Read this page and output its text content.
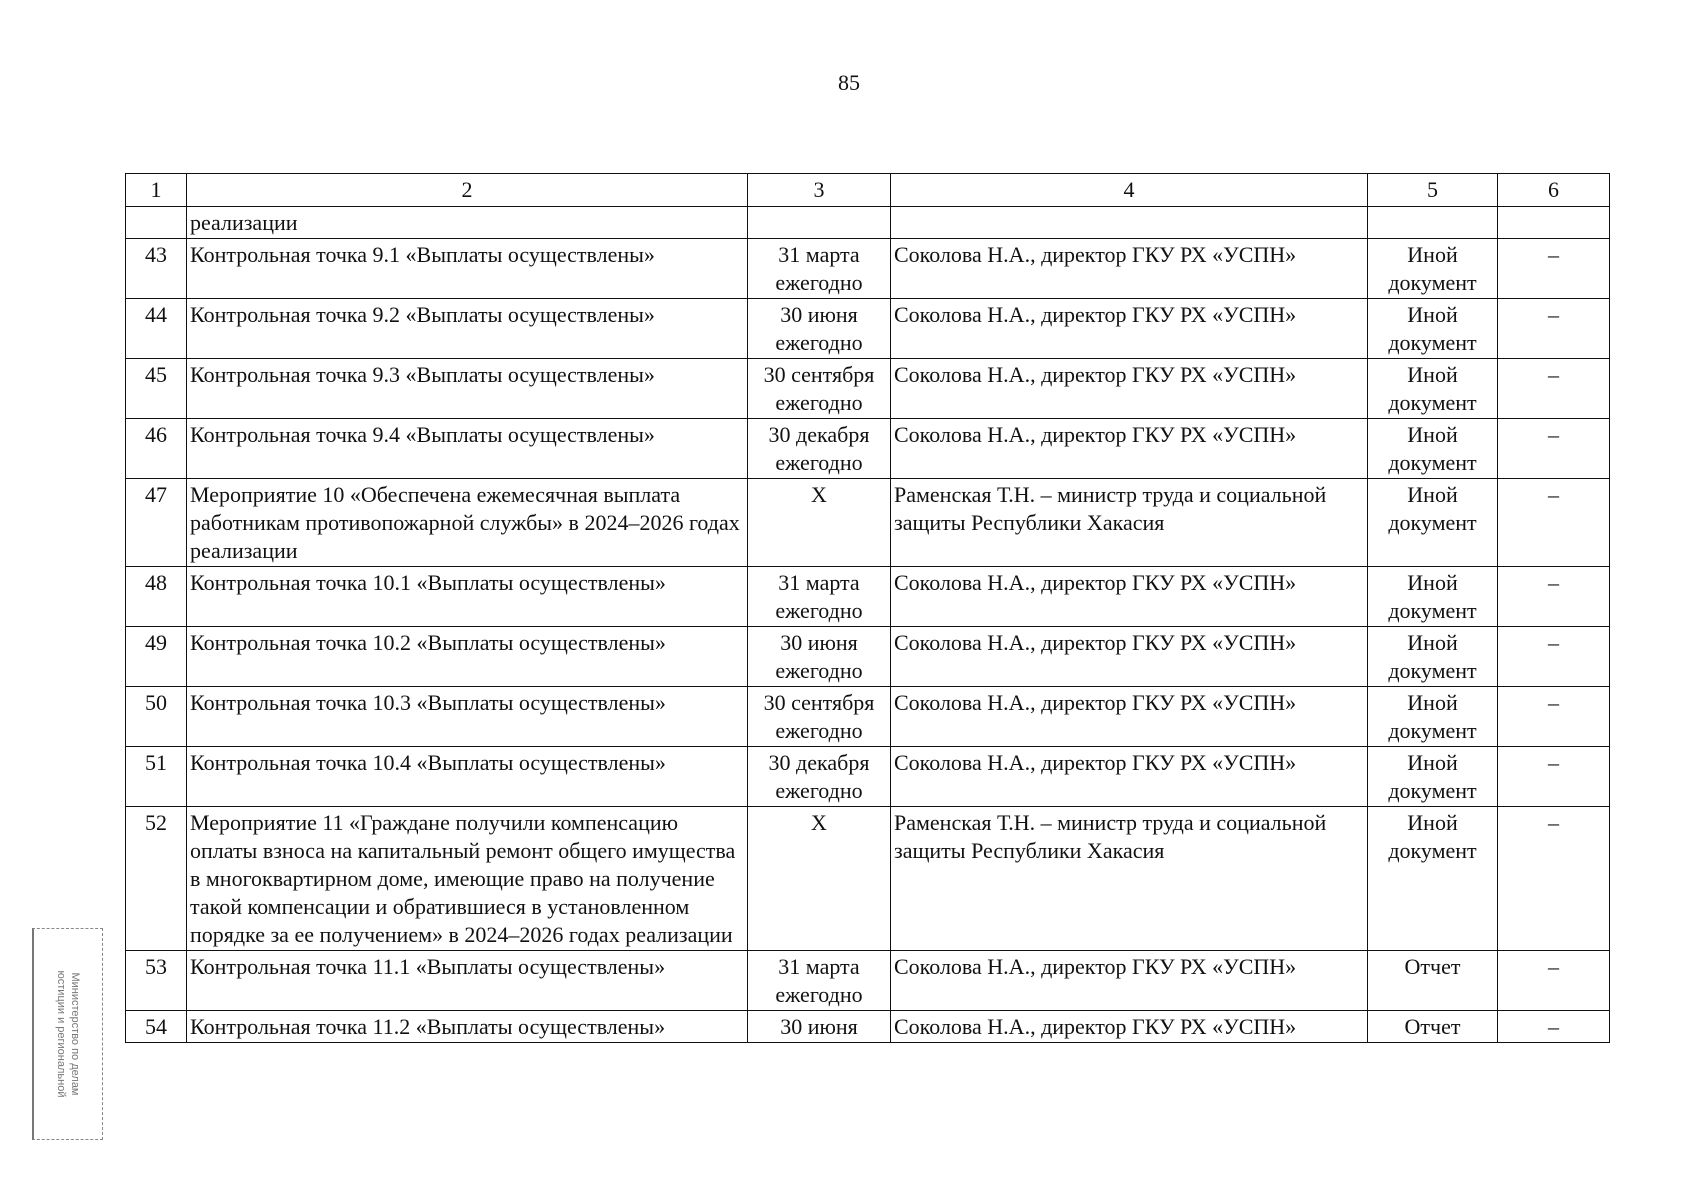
85
1	2	3	4	5	6
	реализации				
43	Контрольная точка 9.1 «Выплаты осуществлены»	31 марта ежегодно	Соколова Н.А., директор ГКУ РХ «УСПН»	Иной документ	–
44	Контрольная точка 9.2 «Выплаты осуществлены»	30 июня ежегодно	Соколова Н.А., директор ГКУ РХ «УСПН»	Иной документ	–
45	Контрольная точка 9.3 «Выплаты осуществлены»	30 сентября ежегодно	Соколова Н.А., директор ГКУ РХ «УСПН»	Иной документ	–
46	Контрольная точка 9.4 «Выплаты осуществлены»	30 декабря ежегодно	Соколова Н.А., директор ГКУ РХ «УСПН»	Иной документ	–
47	Мероприятие 10 «Обеспечена ежемесячная выплата работникам противопожарной службы» в 2024–2026 годах реализации	Х	Раменская Т.Н. – министр труда и социальной защиты Республики Хакасия	Иной документ	–
48	Контрольная точка 10.1 «Выплаты осуществлены»	31 марта ежегодно	Соколова Н.А., директор ГКУ РХ «УСПН»	Иной документ	–
49	Контрольная точка 10.2 «Выплаты осуществлены»	30 июня ежегодно	Соколова Н.А., директор ГКУ РХ «УСПН»	Иной документ	–
50	Контрольная точка 10.3 «Выплаты осуществлены»	30 сентября ежегодно	Соколова Н.А., директор ГКУ РХ «УСПН»	Иной документ	–
51	Контрольная точка 10.4 «Выплаты осуществлены»	30 декабря ежегодно	Соколова Н.А., директор ГКУ РХ «УСПН»	Иной документ	–
52	Мероприятие 11 «Граждане получили компенсацию оплаты взноса на капитальный ремонт общего имущества в многоквартирном доме, имеющие право на получение такой компенсации и обратившиеся в установленном порядке за ее получением» в 2024–2026 годах реализации	Х	Раменская Т.Н. – министр труда и социальной защиты Республики Хакасия	Иной документ	–
53	Контрольная точка 11.1 «Выплаты осуществлены»	31 марта ежегодно	Соколова Н.А., директор ГКУ РХ «УСПН»	Отчет	–
54	Контрольная точка 11.2 «Выплаты осуществлены»	30 июня	Соколова Н.А., директор ГКУ РХ «УСПН»	Отчет	–
Министерство по делам
юстиции и региональной
